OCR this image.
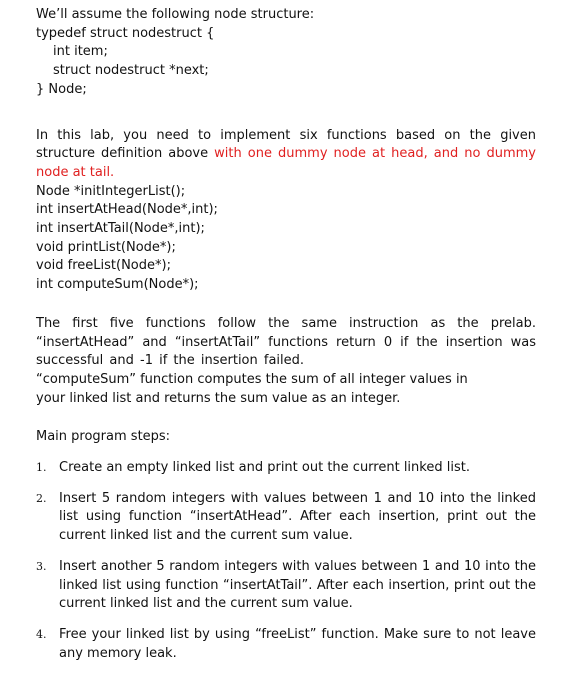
We’ll assume the following node structure:
typedef struct nodestruct {
int item;
struct nodestruct *next;
} Node;
In this lab, you need to implement six functions based on the given structure definition above with one dummy node at head, and no dummy node at tail.
Node *initIntegerList();
int insertAtHead(Node*,int);
int insertAtTail(Node*,int);
void printList(Node*);
void freeList(Node*);
int computeSum(Node*);
The first five functions follow the same instruction as the prelab. “insertAtHead” and “insertAtTail” functions return 0 if the insertion was successful and -1 if the insertion failed.
“computeSum” function computes the sum of all integer values in your linked list and returns the sum value as an integer.
Main program steps:
1. Create an empty linked list and print out the current linked list.
2. Insert 5 random integers with values between 1 and 10 into the linked list using function “insertAtHead”. After each insertion, print out the current linked list and the current sum value.
3. Insert another 5 random integers with values between 1 and 10 into the linked list using function “insertAtTail”. After each insertion, print out the current linked list and the current sum value.
4. Free your linked list by using “freeList” function. Make sure to not leave any memory leak.
